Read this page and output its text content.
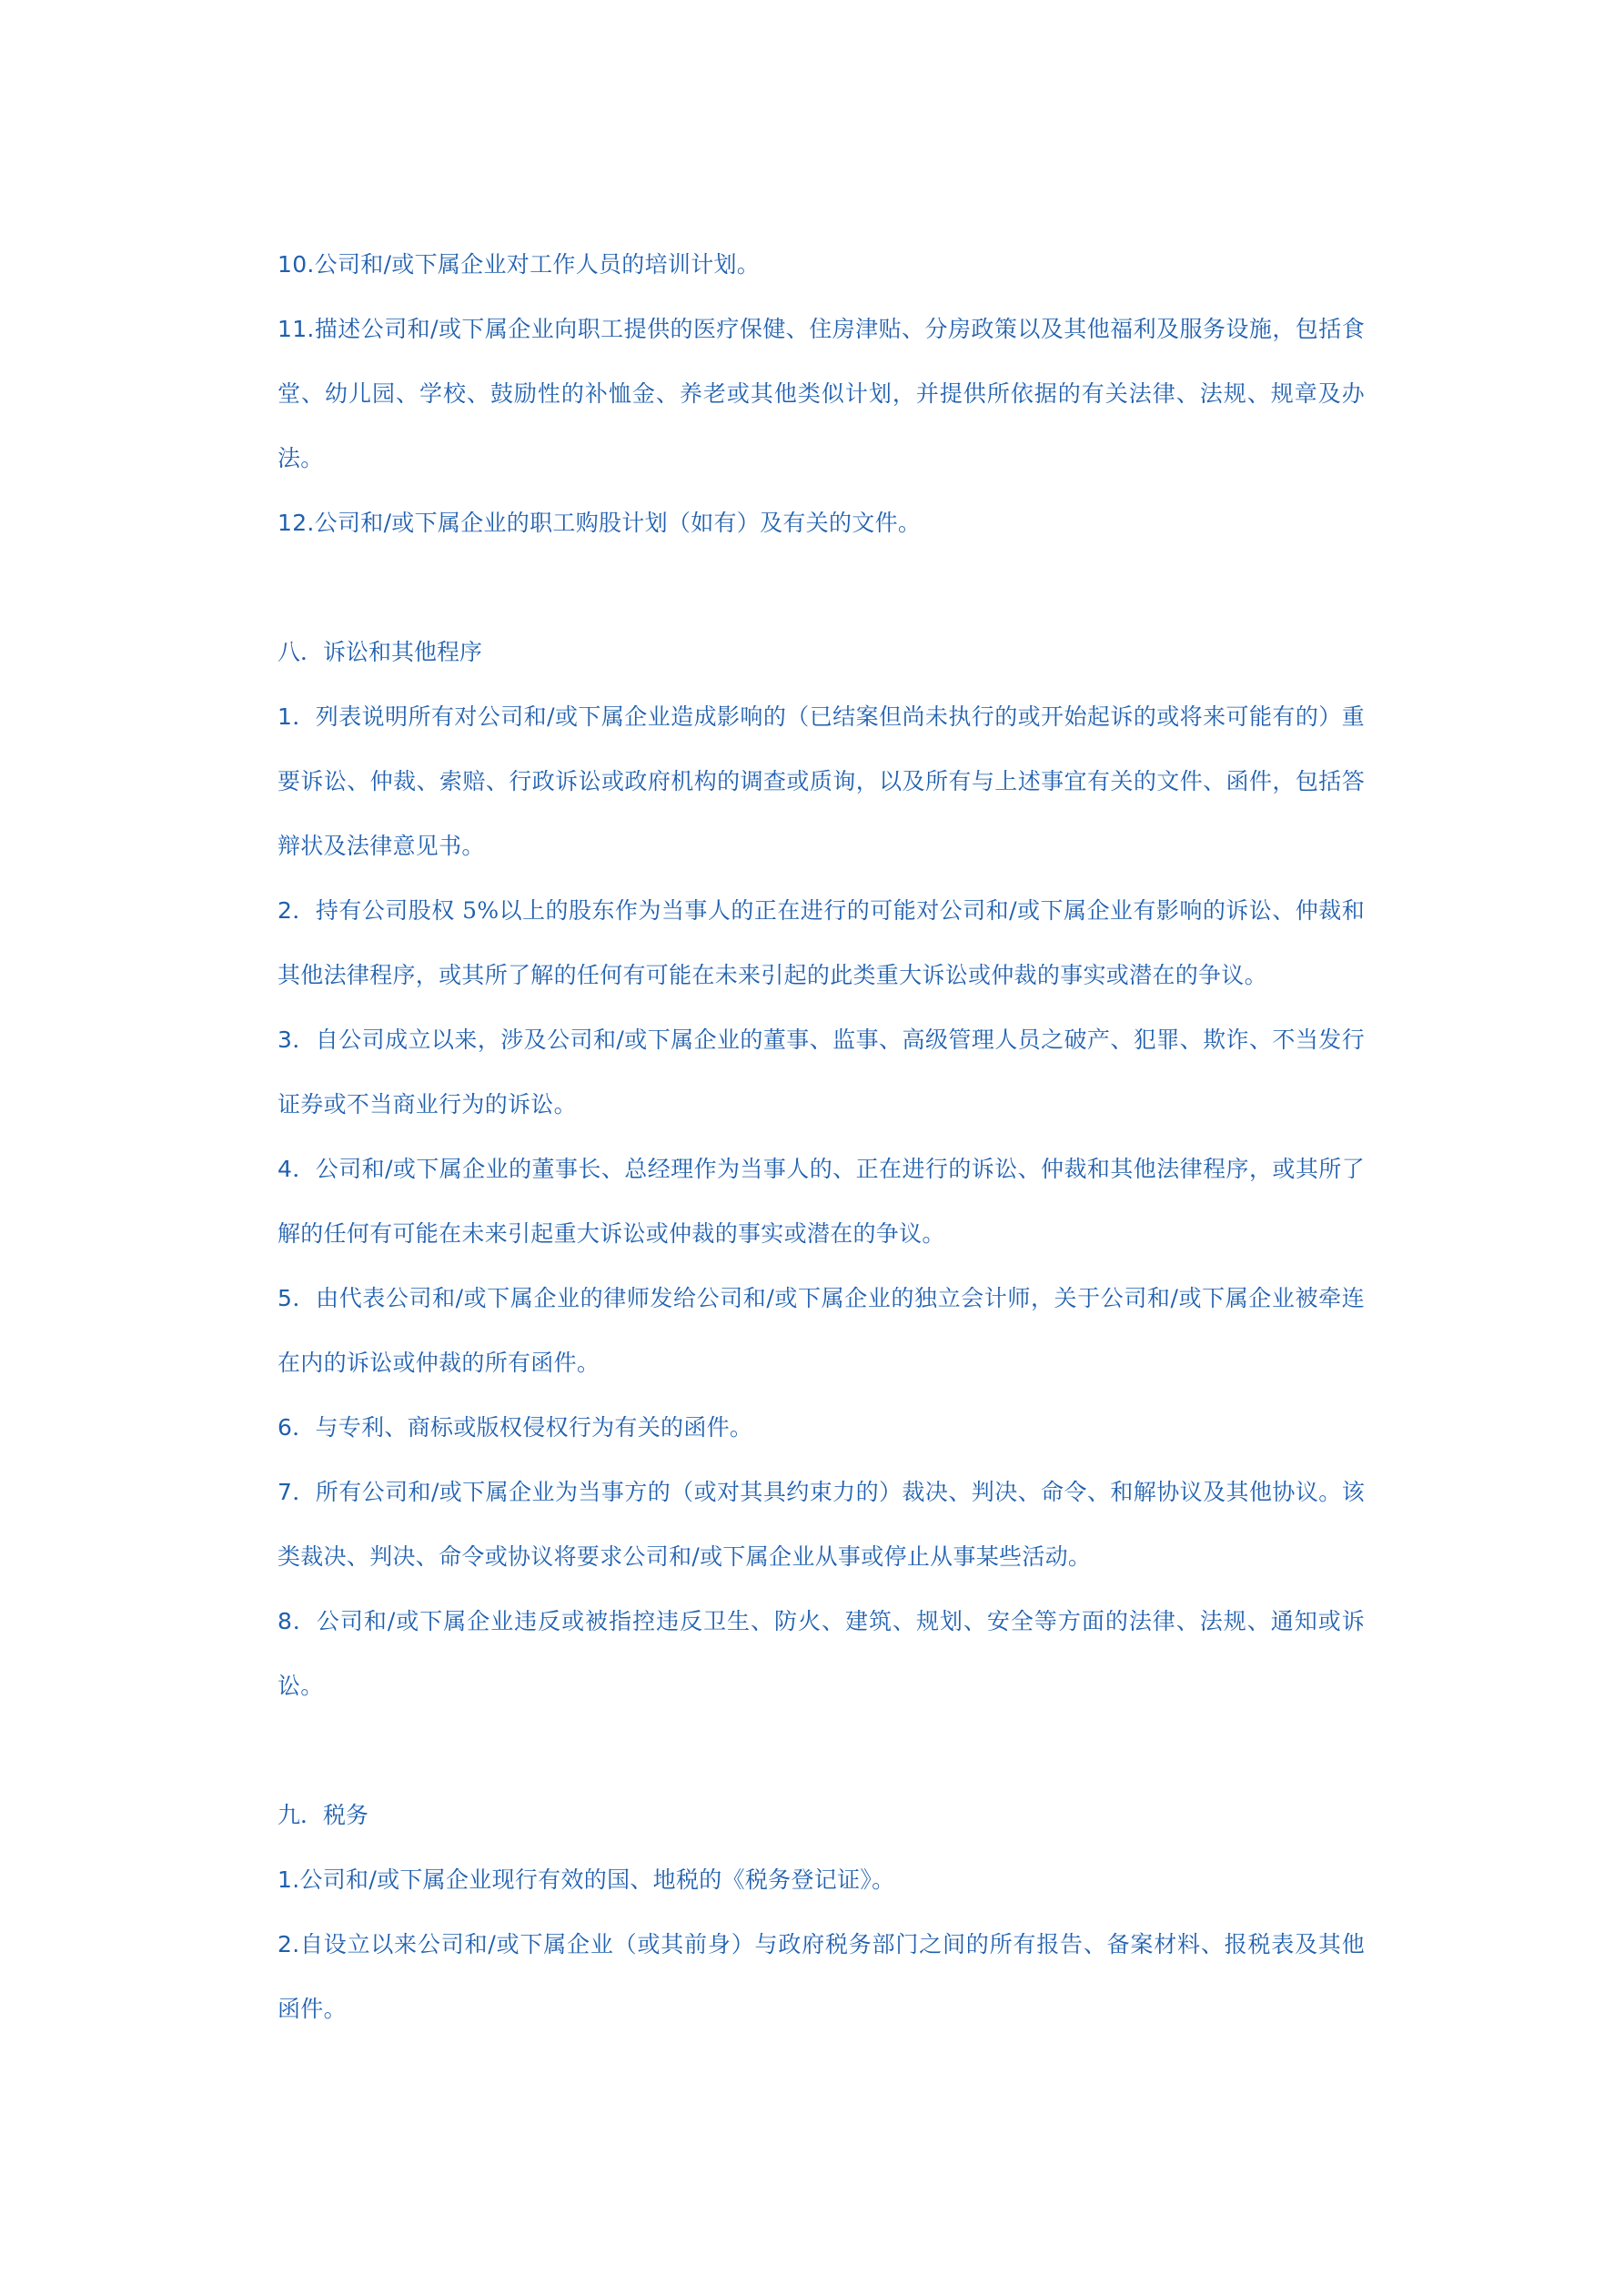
10.公司和/或下属企业对工作人员的培训计划。

11.描述公司和/或下属企业向职工提供的医疗保健、住房津贴、分房政策以及其他福利及服务设施，包括食堂、幼儿园、学校、鼓励性的补恤金、养老或其他类似计划，并提供所依据的有关法律、法规、规章及办法。

12.公司和/或下属企业的职工购股计划（如有）及有关的文件。

八．诉讼和其他程序

1．列表说明所有对公司和/或下属企业造成影响的（已结案但尚未执行的或开始起诉的或将来可能有的）重要诉讼、仲裁、索赔、行政诉讼或政府机构的调查或质询，以及所有与上述事宜有关的文件、函件，包括答辩状及法律意见书。

2．持有公司股权 5%以上的股东作为当事人的正在进行的可能对公司和/或下属企业有影响的诉讼、仲裁和其他法律程序，或其所了解的任何有可能在未来引起的此类重大诉讼或仲裁的事实或潜在的争议。

3．自公司成立以来，涉及公司和/或下属企业的董事、监事、高级管理人员之破产、犯罪、欺诈、不当发行证券或不当商业行为的诉讼。

4．公司和/或下属企业的董事长、总经理作为当事人的、正在进行的诉讼、仲裁和其他法律程序，或其所了解的任何有可能在未来引起重大诉讼或仲裁的事实或潜在的争议。

5．由代表公司和/或下属企业的律师发给公司和/或下属企业的独立会计师，关于公司和/或下属企业被牵连在内的诉讼或仲裁的所有函件。

6．与专利、商标或版权侵权行为有关的函件。

7．所有公司和/或下属企业为当事方的（或对其具约束力的）裁决、判决、命令、和解协议及其他协议。该类裁决、判决、命令或协议将要求公司和/或下属企业从事或停止从事某些活动。

8．公司和/或下属企业违反或被指控违反卫生、防火、建筑、规划、安全等方面的法律、法规、通知或诉讼。

九．税务

1.公司和/或下属企业现行有效的国、地税的《税务登记证》。

2.自设立以来公司和/或下属企业（或其前身）与政府税务部门之间的所有报告、备案材料、报税表及其他函件。
